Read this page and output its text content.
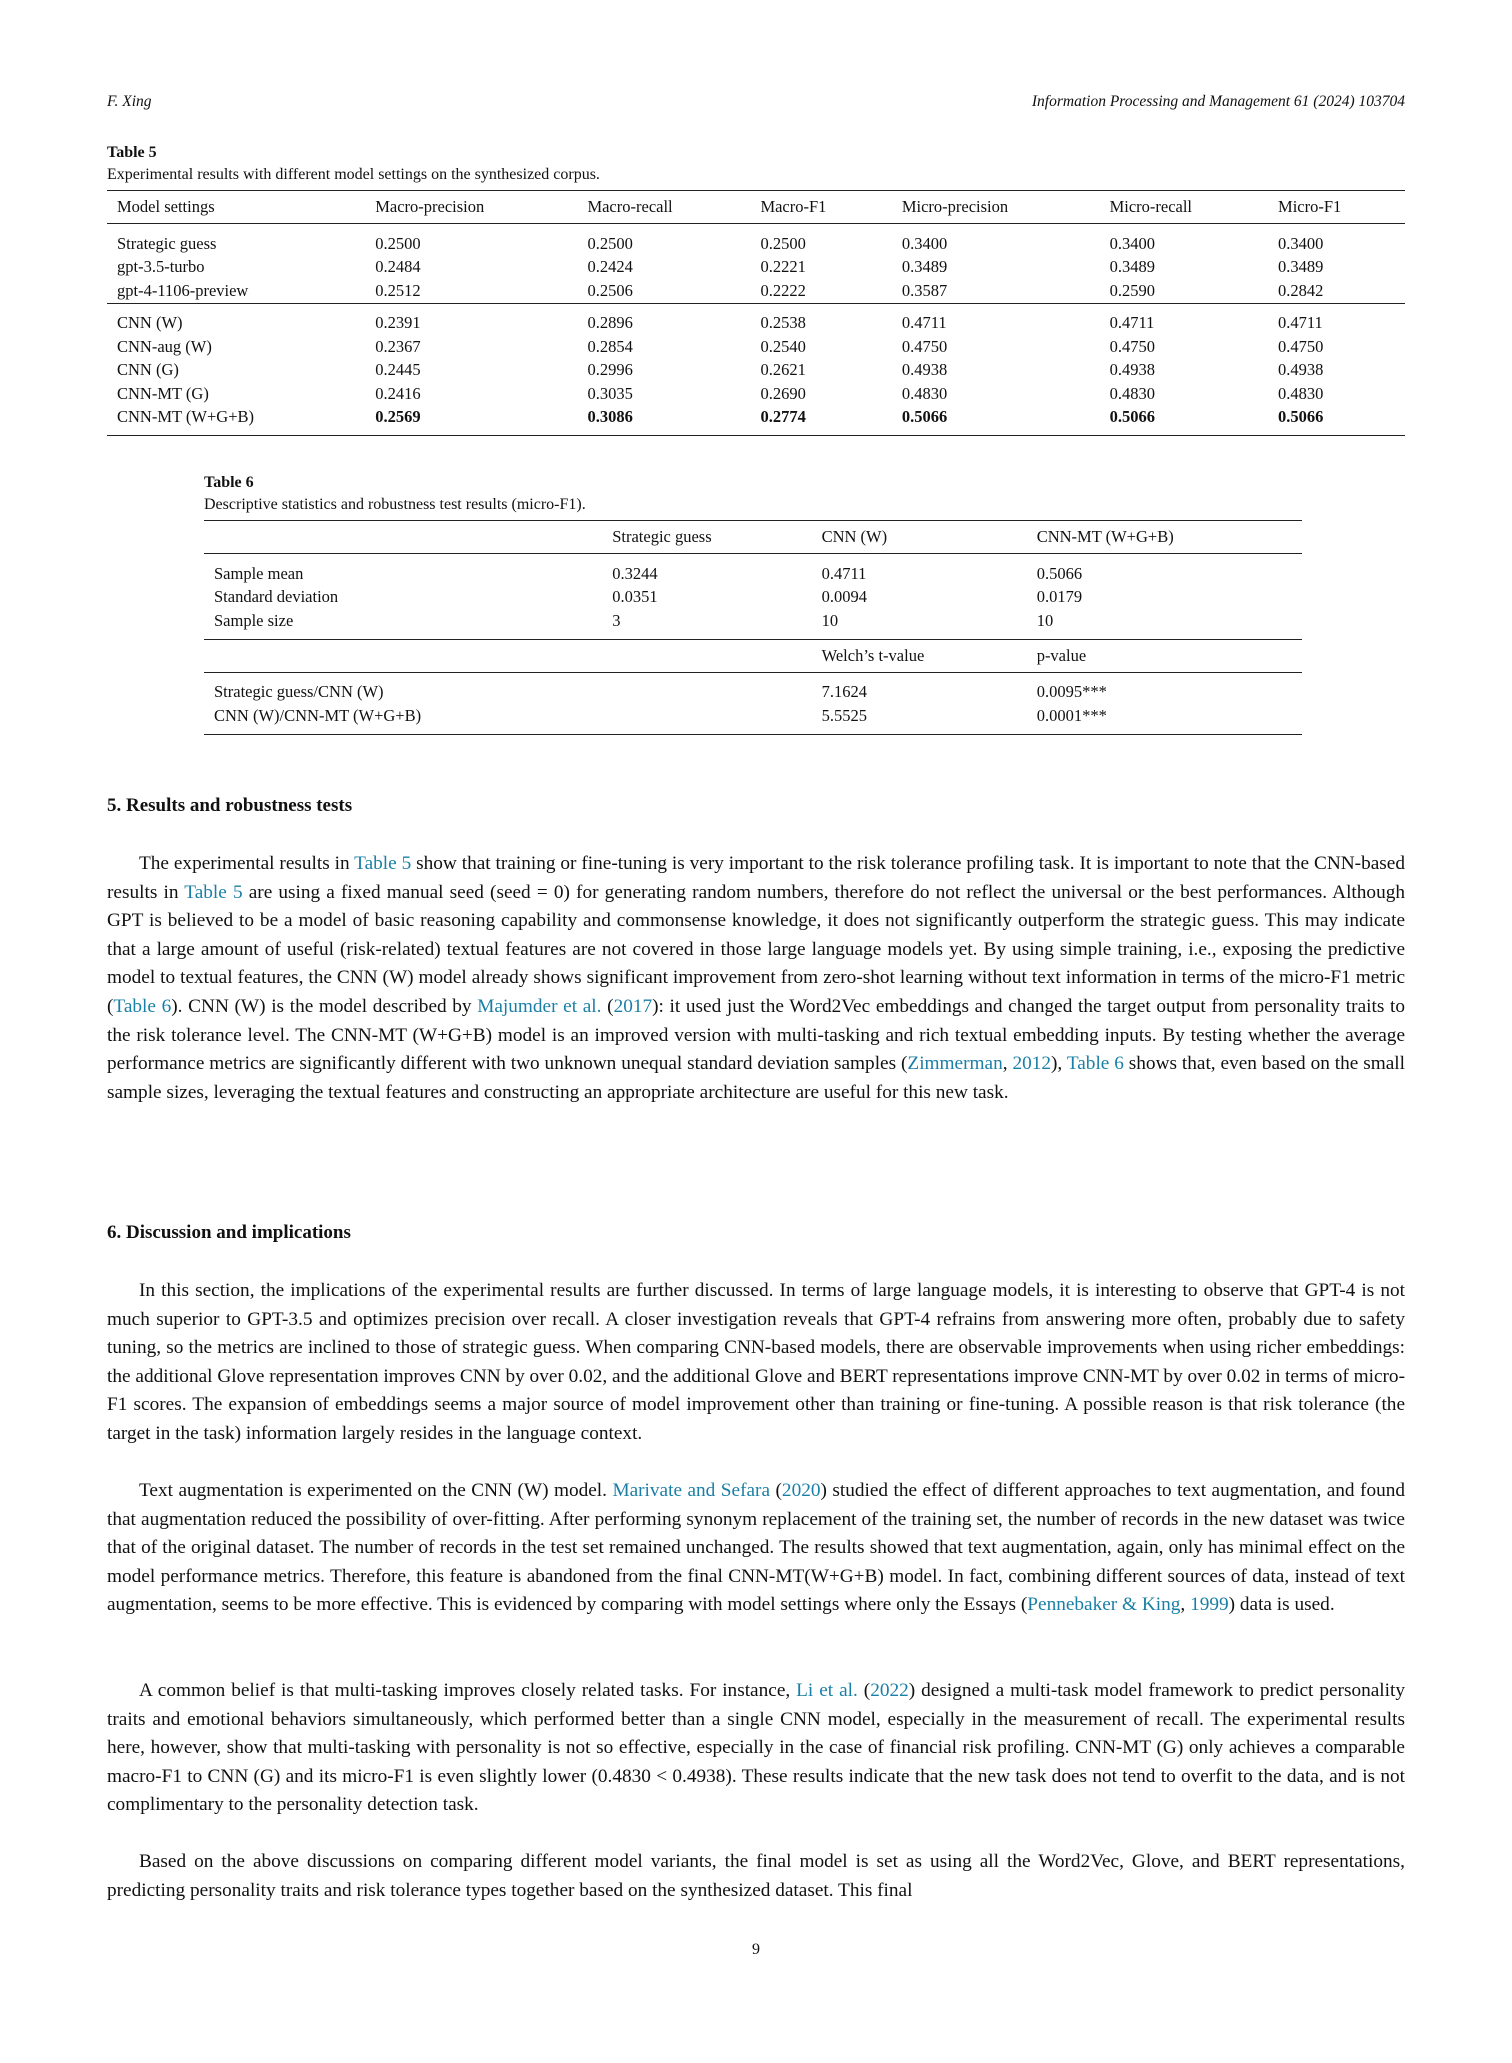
F. Xing	Information Processing and Management 61 (2024) 103704
Table 5
Experimental results with different model settings on the synthesized corpus.
Model settings	Macro-precision	Macro-recall	Macro-F1	Micro-precision	Micro-recall	Micro-F1
Strategic guess	0.2500	0.2500	0.2500	0.3400	0.3400	0.3400
gpt-3.5-turbo	0.2484	0.2424	0.2221	0.3489	0.3489	0.3489
gpt-4-1106-preview	0.2512	0.2506	0.2222	0.3587	0.2590	0.2842
CNN (W)	0.2391	0.2896	0.2538	0.4711	0.4711	0.4711
CNN-aug (W)	0.2367	0.2854	0.2540	0.4750	0.4750	0.4750
CNN (G)	0.2445	0.2996	0.2621	0.4938	0.4938	0.4938
CNN-MT (G)	0.2416	0.3035	0.2690	0.4830	0.4830	0.4830
CNN-MT (W+G+B)	0.2569	0.3086	0.2774	0.5066	0.5066	0.5066
Table 6
Descriptive statistics and robustness test results (micro-F1).
	Strategic guess	CNN (W)	CNN-MT (W+G+B)
Sample mean	0.3244	0.4711	0.5066
Standard deviation	0.0351	0.0094	0.0179
Sample size	3	10	10
		Welch’s t-value	p-value
Strategic guess/CNN (W)		7.1624	0.0095***
CNN (W)/CNN-MT (W+G+B)		5.5525	0.0001***
5. Results and robustness tests

The experimental results in Table 5 show that training or fine-tuning is very important to the risk tolerance profiling task. It is important to note that the CNN-based results in Table 5 are using a fixed manual seed (seed = 0) for generating random numbers, therefore do not reflect the universal or the best performances. Although GPT is believed to be a model of basic reasoning capability and commonsense knowledge, it does not significantly outperform the strategic guess. This may indicate that a large amount of useful (risk-related) textual features are not covered in those large language models yet. By using simple training, i.e., exposing the predictive model to textual features, the CNN (W) model already shows significant improvement from zero-shot learning without text information in terms of the micro-F1 metric (Table 6). CNN (W) is the model described by Majumder et al. (2017): it used just the Word2Vec embeddings and changed the target output from personality traits to the risk tolerance level. The CNN-MT (W+G+B) model is an improved version with multi-tasking and rich textual embedding inputs. By testing whether the average performance metrics are significantly different with two unknown unequal standard deviation samples (Zimmerman, 2012), Table 6 shows that, even based on the small sample sizes, leveraging the textual features and constructing an appropriate architecture are useful for this new task.

6. Discussion and implications

In this section, the implications of the experimental results are further discussed. In terms of large language models, it is interesting to observe that GPT-4 is not much superior to GPT-3.5 and optimizes precision over recall. A closer investigation reveals that GPT-4 refrains from answering more often, probably due to safety tuning, so the metrics are inclined to those of strategic guess. When comparing CNN-based models, there are observable improvements when using richer embeddings: the additional Glove representation improves CNN by over 0.02, and the additional Glove and BERT representations improve CNN-MT by over 0.02 in terms of micro-F1 scores. The expansion of embeddings seems a major source of model improvement other than training or fine-tuning. A possible reason is that risk tolerance (the target in the task) information largely resides in the language context.

Text augmentation is experimented on the CNN (W) model. Marivate and Sefara (2020) studied the effect of different approaches to text augmentation, and found that augmentation reduced the possibility of over-fitting. After performing synonym replacement of the training set, the number of records in the new dataset was twice that of the original dataset. The number of records in the test set remained unchanged. The results showed that text augmentation, again, only has minimal effect on the model performance metrics. Therefore, this feature is abandoned from the final CNN-MT(W+G+B) model. In fact, combining different sources of data, instead of text augmentation, seems to be more effective. This is evidenced by comparing with model settings where only the Essays (Pennebaker & King, 1999) data is used.

A common belief is that multi-tasking improves closely related tasks. For instance, Li et al. (2022) designed a multi-task model framework to predict personality traits and emotional behaviors simultaneously, which performed better than a single CNN model, especially in the measurement of recall. The experimental results here, however, show that multi-tasking with personality is not so effective, especially in the case of financial risk profiling. CNN-MT (G) only achieves a comparable macro-F1 to CNN (G) and its micro-F1 is even slightly lower (0.4830 < 0.4938). These results indicate that the new task does not tend to overfit to the data, and is not complimentary to the personality detection task.

Based on the above discussions on comparing different model variants, the final model is set as using all the Word2Vec, Glove, and BERT representations, predicting personality traits and risk tolerance types together based on the synthesized dataset. This final

9
